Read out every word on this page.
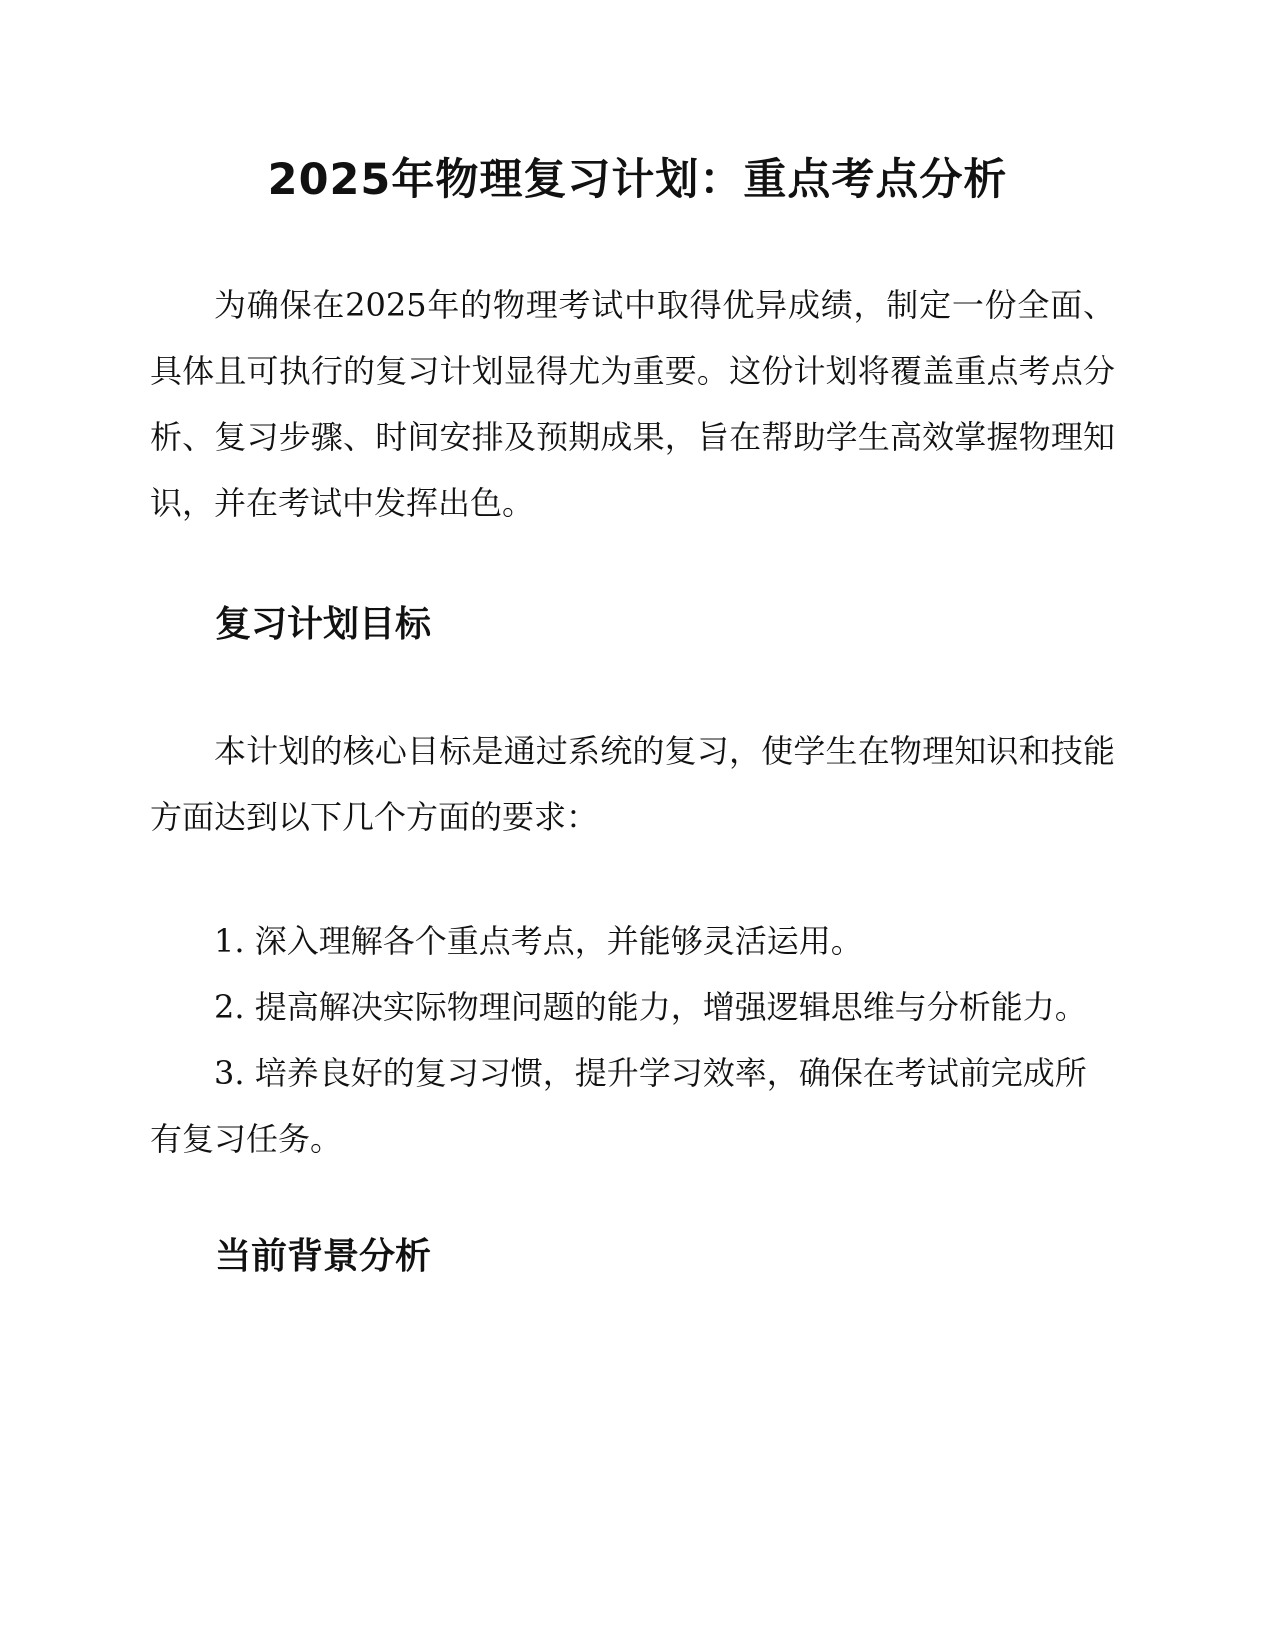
2025年物理复习计划：重点考点分析

为确保在2025年的物理考试中取得优异成绩，制定一份全面、具体且可执行的复习计划显得尤为重要。这份计划将覆盖重点考点分析、复习步骤、时间安排及预期成果，旨在帮助学生高效掌握物理知识，并在考试中发挥出色。

复习计划目标

本计划的核心目标是通过系统的复习，使学生在物理知识和技能方面达到以下几个方面的要求：

1. 深入理解各个重点考点，并能够灵活运用。

2. 提高解决实际物理问题的能力，增强逻辑思维与分析能力。

3. 培养良好的复习习惯，提升学习效率，确保在考试前完成所有复习任务。

当前背景分析
